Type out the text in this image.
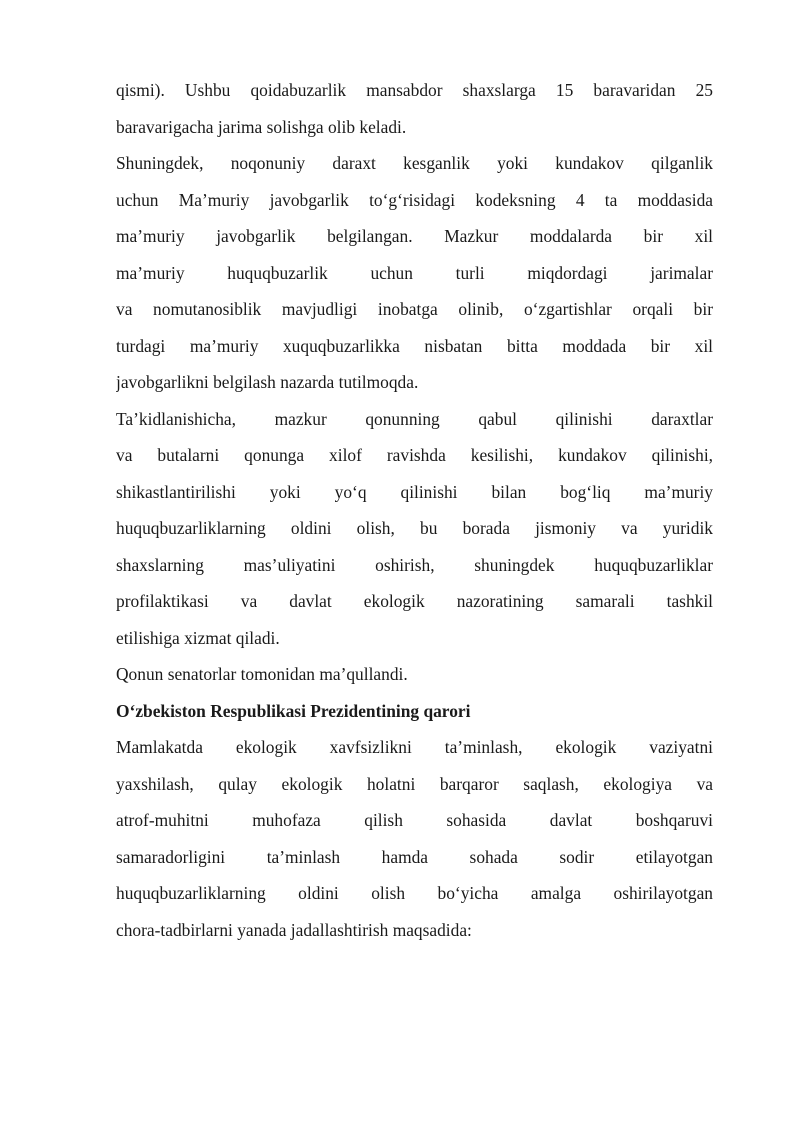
qismi). Ushbu qoidabuzarlik mansabdor shaxslarga 15 baravaridan 25
baravarigacha jarima solishga olib keladi.
Shuningdek, noqonuniy daraxt kesganlik yoki kundakov qilganlik
uchun Ma’muriy javobgarlik to‘g‘risidagi kodeksning 4 ta moddasida
ma’muriy javobgarlik belgilangan. Mazkur moddalarda bir xil
ma’muriy huquqbuzarlik uchun turli miqdordagi jarimalar
va nomutanosiblik mavjudligi inobatga olinib, o‘zgartishlar orqali bir
turdagi ma’muriy xuquqbuzarlikka nisbatan bitta moddada bir xil
javobgarlikni belgilash nazarda tutilmoqda.
Ta’kidlanishicha, mazkur qonunning qabul qilinishi daraxtlar
va butalarni qonunga xilof ravishda kesilishi, kundakov qilinishi,
shikastlantirilishi yoki yo‘q qilinishi bilan bog‘liq ma’muriy
huquqbuzarliklarning oldini olish, bu borada jismoniy va yuridik
shaxslarning mas’uliyatini oshirish, shuningdek huquqbuzarliklar
profilaktikasi va davlat ekologik nazoratining samarali tashkil
etilishiga xizmat qiladi.
Qonun senatorlar tomonidan ma’qullandi.
O‘zbekiston Respublikasi Prezidentining qarori
Mamlakatda ekologik xavfsizlikni ta’minlash, ekologik vaziyatni
yaxshilash, qulay ekologik holatni barqaror saqlash, ekologiya va
atrof-muhitni muhofaza qilish sohasida davlat boshqaruvi
samaradorligini ta’minlash hamda sohada sodir etilayotgan
huquqbuzarliklarning oldini olish bo‘yicha amalga oshirilayotgan
chora-tadbirlarni yanada jadallashtirish maqsadida:
